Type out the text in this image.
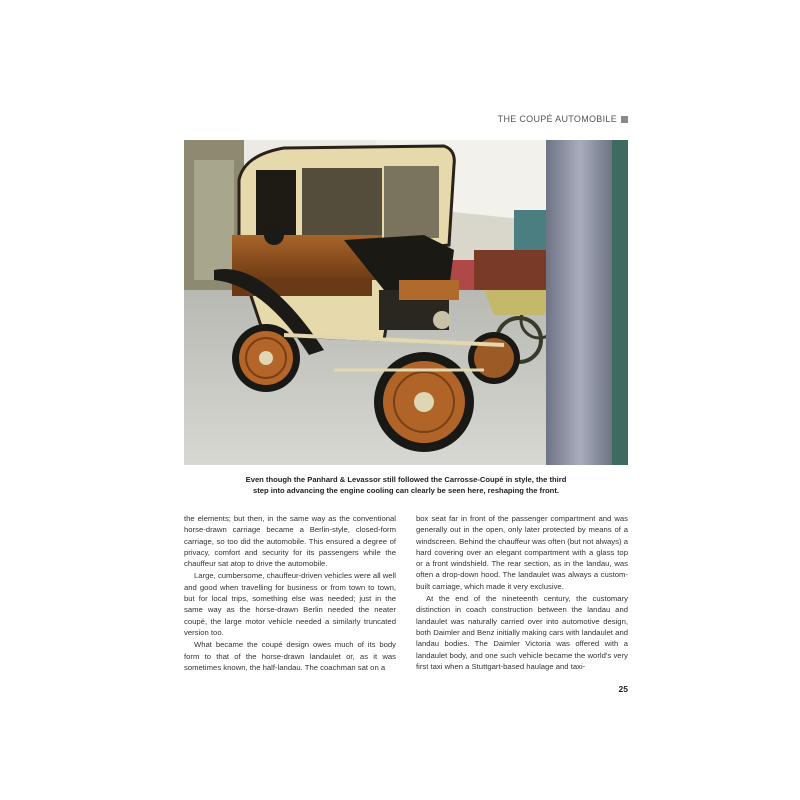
THE COUPÉ AUTOMOBILE
Even though the Panhard & Levassor still followed the Carrosse-Coupé in style, the third
step into advancing the engine cooling can clearly be seen here, reshaping the front.

the elements; but then, in the same way as the conventional horse-drawn carriage became a Berlin-style, closed-form carriage, so too did the automobile. This ensured a degree of privacy, comfort and security for its passengers while the chauffeur sat atop to drive the automobile.

Large, cumbersome, chauffeur-driven vehicles were all well and good when travelling for business or from town to town, but for local trips, something else was needed; just in the same way as the horse-drawn Berlin needed the neater coupé, the large motor vehicle needed a similarly truncated version too.

What became the coupé design owes much of its body form to that of the horse-drawn landaulet or, as it was sometimes known, the half-landau. The coachman sat on a

box seat far in front of the passenger compartment and was generally out in the open, only later protected by means of a windscreen. Behind the chauffeur was often (but not always) a hard covering over an elegant compartment with a glass top or a front windshield. The rear section, as in the landau, was often a drop-down hood. The landaulet was always a custom-built carriage, which made it very exclusive.

At the end of the nineteenth century, the customary distinction in coach construction between the landau and landaulet was naturally carried over into automotive design, both Daimler and Benz initially making cars with landaulet and landau bodies. The Daimler Victoria was offered with a landaulet body, and one such vehicle became the world's very first taxi when a Stuttgart-based haulage and taxi-

25
